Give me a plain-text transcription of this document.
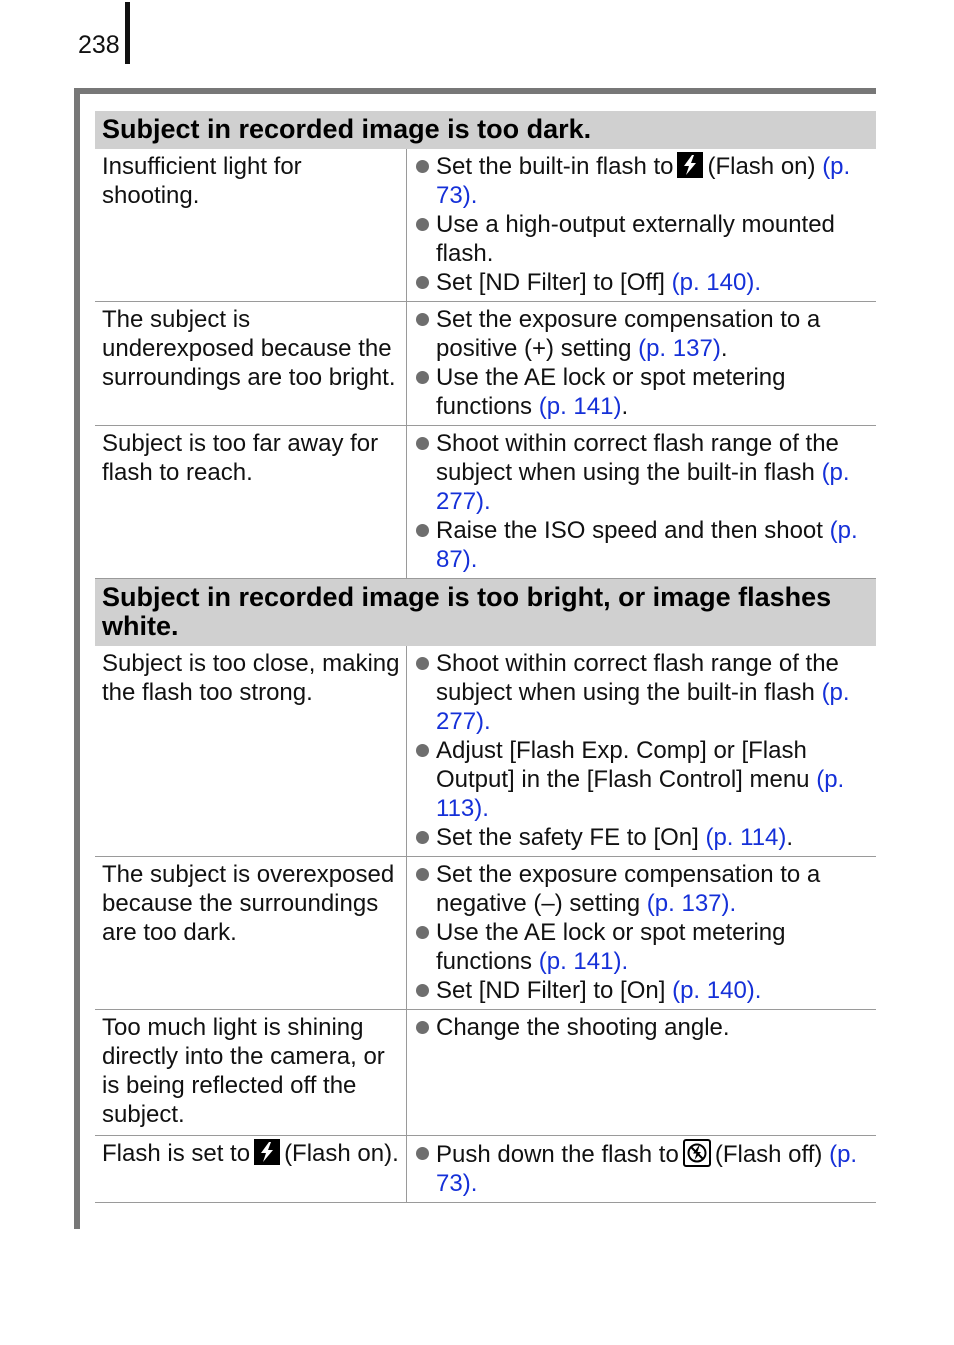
238
Subject in recorded image is too dark.
Insufficient light for shooting.
Set the built-in flash to (Flash on) (p. 73).
Use a high-output externally mounted flash.
Set [ND Filter] to [Off] (p. 140).
The subject is underexposed because the surroundings are too bright.
Set the exposure compensation to a positive (+) setting (p. 137).
Use the AE lock or spot metering functions (p. 141).
Subject is too far away for flash to reach.
Shoot within correct flash range of the subject when using the built-in flash (p. 277).
Raise the ISO speed and then shoot (p. 87).
Subject in recorded image is too bright, or image flashes white.
Subject is too close, making the flash too strong.
Shoot within correct flash range of the subject when using the built-in flash (p. 277).
Adjust [Flash Exp. Comp] or [Flash Output] in the [Flash Control] menu (p. 113).
Set the safety FE to [On] (p. 114).
The subject is overexposed because the surroundings are too dark.
Set the exposure compensation to a negative (–) setting (p. 137).
Use the AE lock or spot metering functions (p. 141).
Set [ND Filter] to [On] (p. 140).
Too much light is shining directly into the camera, or is being reflected off the subject.
Change the shooting angle.
Flash is set to (Flash on).	Push down the flash to (Flash off) (p. 73).
